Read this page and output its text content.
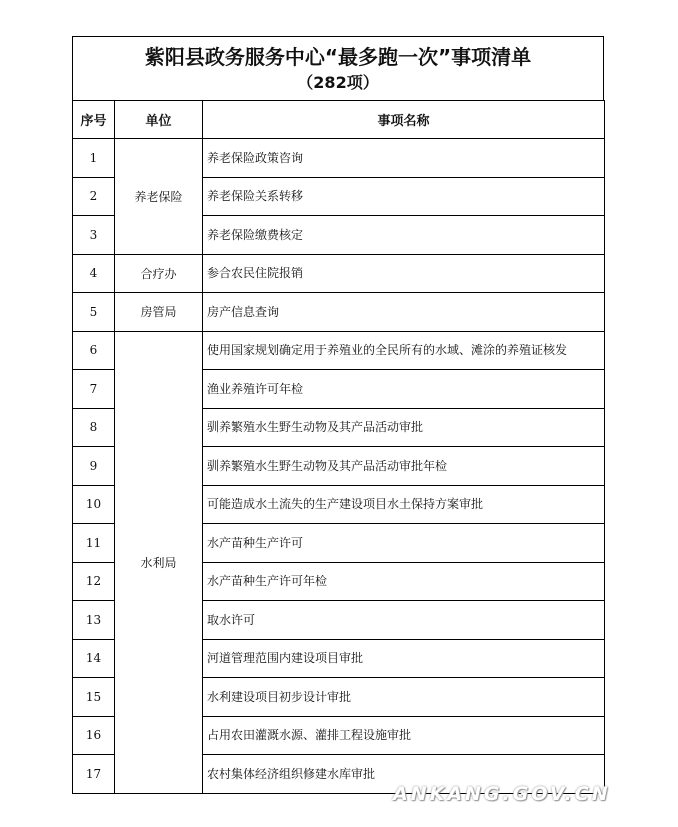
紫阳县政务服务中心“最多跑一次”事项清单
（282项）
序号	单位	事项名称
1	养老保险	养老保险政策咨询
2		养老保险关系转移
3		养老保险缴费核定
4	合疗办	参合农民住院报销
5	房管局	房产信息查询
6	水利局	使用国家规划确定用于养殖业的全民所有的水域、滩涂的养殖证核发
7		渔业养殖许可年检
8		驯养繁殖水生野生动物及其产品活动审批
9		驯养繁殖水生野生动物及其产品活动审批年检
10		可能造成水土流失的生产建设项目水土保持方案审批
11		水产苗种生产许可
12		水产苗种生产许可年检
13		取水许可
14		河道管理范围内建设项目审批
15		水利建设项目初步设计审批
16		占用农田灌溉水源、灌排工程设施审批
17		农村集体经济组织修建水库审批
ANKANG.GOV.CN
